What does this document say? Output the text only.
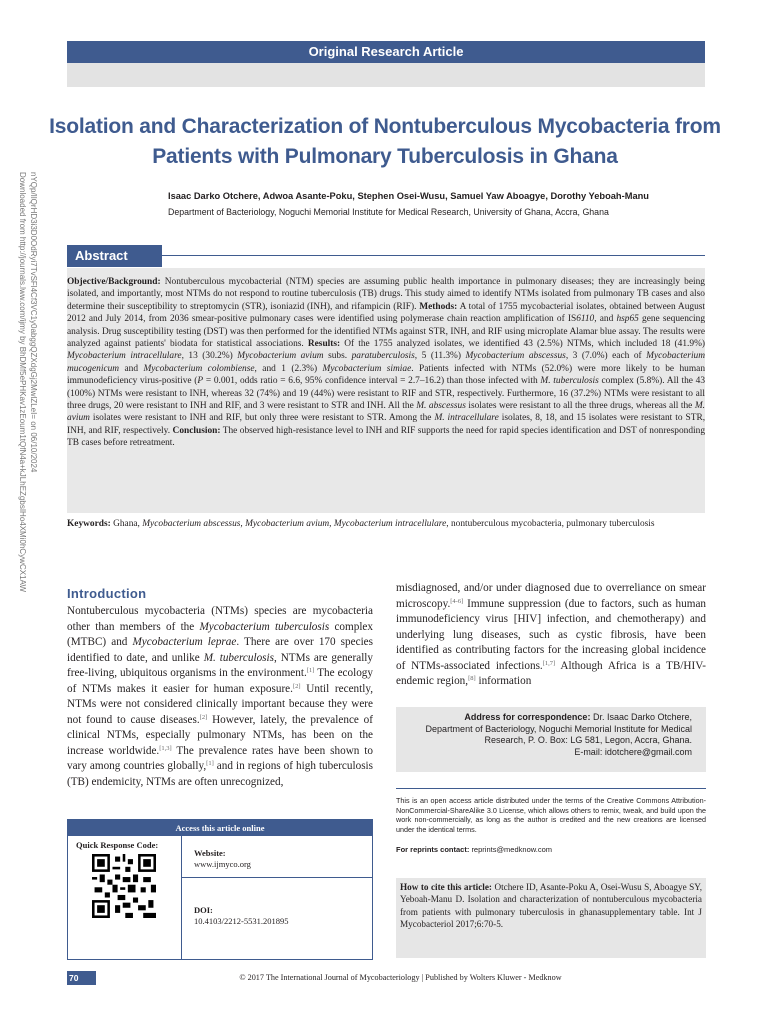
Original Research Article
Isolation and Characterization of Nontuberculous Mycobacteria from Patients with Pulmonary Tuberculosis in Ghana
Isaac Darko Otchere, Adwoa Asante-Poku, Stephen Osei-Wusu, Samuel Yaw Aboagye, Dorothy Yeboah-Manu
Department of Bacteriology, Noguchi Memorial Institute for Medical Research, University of Ghana, Accra, Ghana
Downloaded from http://journals.lww.com/ijmy by BhDMf5ePHKav1zEoum1tQfN4a+kJLhEZgbsIHo4XMi0hCywCX1AW nYQp/IlQrHD3i3D0OdRyi7TvSFl4Cf3VC1y0abggQZXdgGj2MwlZLeI= on 06/10/2024	Abstract

Objective/Background: Nontuberculous mycobacterial (NTM) species are assuming public health importance in pulmonary diseases; they are increasingly being isolated, and importantly, most NTMs do not respond to routine tuberculosis (TB) drugs. This study aimed to identify NTMs isolated from pulmonary TB cases and also determine their susceptibility to streptomycin (STR), isoniazid (INH), and rifampicin (RIF). Methods: A total of 1755 mycobacterial isolates, obtained between August 2012 and July 2014, from 2036 smear-positive pulmonary cases were identified using polymerase chain reaction amplification of IS6110, and hsp65 gene sequencing analysis. Drug susceptibility testing (DST) was then performed for the identified NTMs against STR, INH, and RIF using microplate Alamar blue assay. The results were analyzed against patients' biodata for statistical associations. Results: Of the 1755 analyzed isolates, we identified 43 (2.5%) NTMs, which included 18 (41.9%) Mycobacterium intracellulare, 13 (30.2%) Mycobacterium avium subs. paratuberculosis, 5 (11.3%) Mycobacterium abscessus, 3 (7.0%) each of Mycobacterium mucogenicum and Mycobacterium colombiense, and 1 (2.3%) Mycobacterium simiae. Patients infected with NTMs (52.0%) were more likely to be human immunodeficiency virus-positive (P = 0.001, odds ratio = 6.6, 95% confidence interval = 2.7–16.2) than those infected with M. tuberculosis complex (5.8%). All the 43 (100%) NTMs were resistant to INH, whereas 32 (74%) and 19 (44%) were resistant to RIF and STR, respectively. Furthermore, 16 (37.2%) NTMs were resistant to all three drugs, 20 were resistant to INH and RIF, and 3 were resistant to STR and INH. All the M. abscessus isolates were resistant to all the three drugs, whereas all the M. avium isolates were resistant to INH and RIF, but only three were resistant to STR. Among the M. intracellulare isolates, 8, 18, and 15 isolates were resistant to STR, INH, and RIF, respectively. Conclusion: The observed high-resistance level to INH and RIF supports the need for rapid species identification and DST of nonresponding TB cases before retreatment.

Keywords: Ghana, Mycobacterium abscessus, Mycobacterium avium, Mycobacterium intracellulare, nontuberculous mycobacteria, pulmonary tuberculosis
Introduction

Nontuberculous mycobacteria (NTMs) species are mycobacteria other than members of the Mycobacterium tuberculosis complex (MTBC) and Mycobacterium leprae. There are over 170 species identified to date, and unlike M. tuberculosis, NTMs are generally free-living, ubiquitous organisms in the environment.[1] The ecology of NTMs makes it easier for human exposure.[2] Until recently, NTMs were not considered clinically important because they were not found to cause diseases.[2] However, lately, the prevalence of clinical NTMs, especially pulmonary NTMs, has been on the increase worldwide.[1,3] The prevalence rates have been shown to vary among countries globally,[1] and in regions of high tuberculosis (TB) endemicity, NTMs are often unrecognized,

misdiagnosed, and/or under diagnosed due to overreliance on smear microscopy.[4-6] Immune suppression (due to factors, such as human immunodeficiency virus [HIV] infection, and chemotherapy) and underlying lung diseases, such as cystic fibrosis, have been identified as contributing factors for the increasing global incidence of NTMs-associated infections.[1,7] Although Africa is a TB/HIV-endemic region,[8] information

Access this article online
Quick Response Code:
Website:
www.ijmyco.org
DOI:
10.4103/2212-5531.201895
Address for correspondence: Dr. Isaac Darko Otchere,
Department of Bacteriology, Noguchi Memorial Institute for Medical
Research, P. O. Box: LG 581, Legon, Accra, Ghana.
E-mail: idotchere@gmail.com
This is an open access article distributed under the terms of the Creative Commons Attribution-NonCommercial-ShareAlike 3.0 License, which allows others to remix, tweak, and build upon the work non-commercially, as long as the author is credited and the new creations are licensed under the identical terms.
For reprints contact: reprints@medknow.com
How to cite this article: Otchere ID, Asante-Poku A, Osei-Wusu S, Aboagye SY, Yeboah-Manu D. Isolation and characterization of nontuberculous mycobacteria from patients with pulmonary tuberculosis in ghanasupplementary table. Int J Mycobacteriol 2017;6:70-5.
70	© 2017 The International Journal of Mycobacteriology | Published by Wolters Kluwer - Medknow
